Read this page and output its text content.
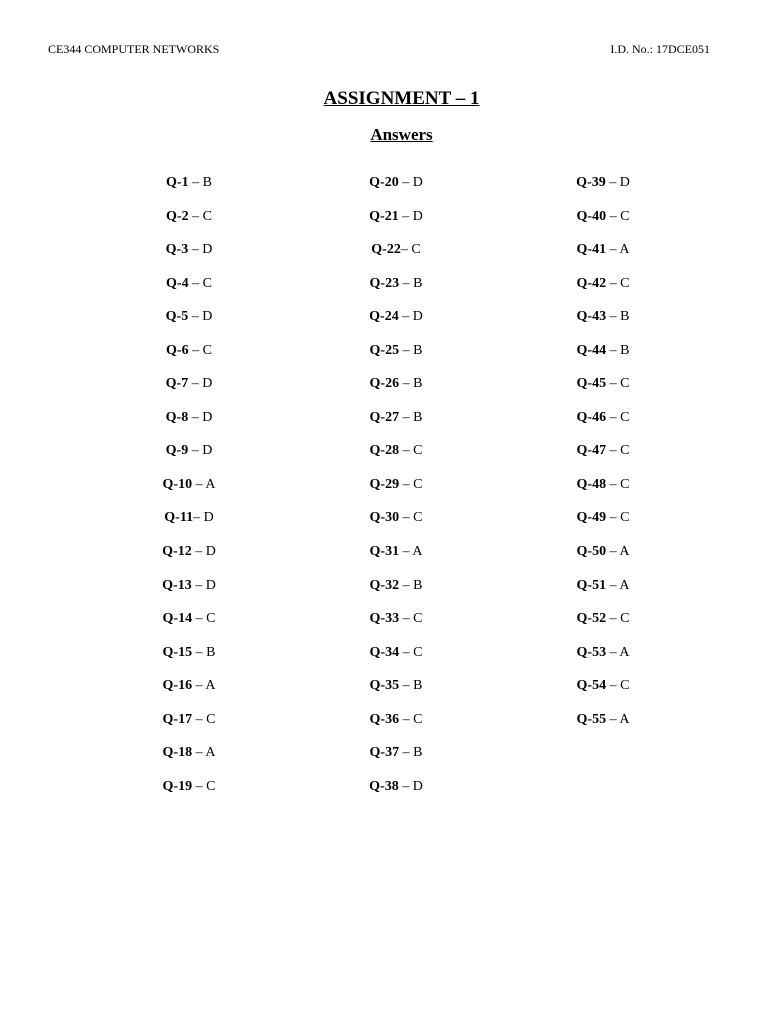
CE344 COMPUTER NETWORKS	I.D. No.: 17DCE051
ASSIGNMENT – 1
Answers
Q-1 – B
Q-2 – C
Q-3 – D
Q-4 – C
Q-5 – D
Q-6 – C
Q-7 – D
Q-8 – D
Q-9 – D
Q-10 – A
Q-11– D
Q-12 – D
Q-13 – D
Q-14 – C
Q-15 – B
Q-16 – A
Q-17 – C
Q-18 – A
Q-19 – C
Q-20 – D
Q-21 – D
Q-22– C
Q-23 – B
Q-24 – D
Q-25 – B
Q-26 – B
Q-27 – B
Q-28 – C
Q-29 – C
Q-30 – C
Q-31 – A
Q-32 – B
Q-33 – C
Q-34 – C
Q-35 – B
Q-36 – C
Q-37 – B
Q-38 – D
Q-39 – D
Q-40 – C
Q-41 – A
Q-42 – C
Q-43 – B
Q-44 – B
Q-45 – C
Q-46 – C
Q-47 – C
Q-48 – C
Q-49 – C
Q-50 – A
Q-51 – A
Q-52 – C
Q-53 – A
Q-54 – C
Q-55 – A
